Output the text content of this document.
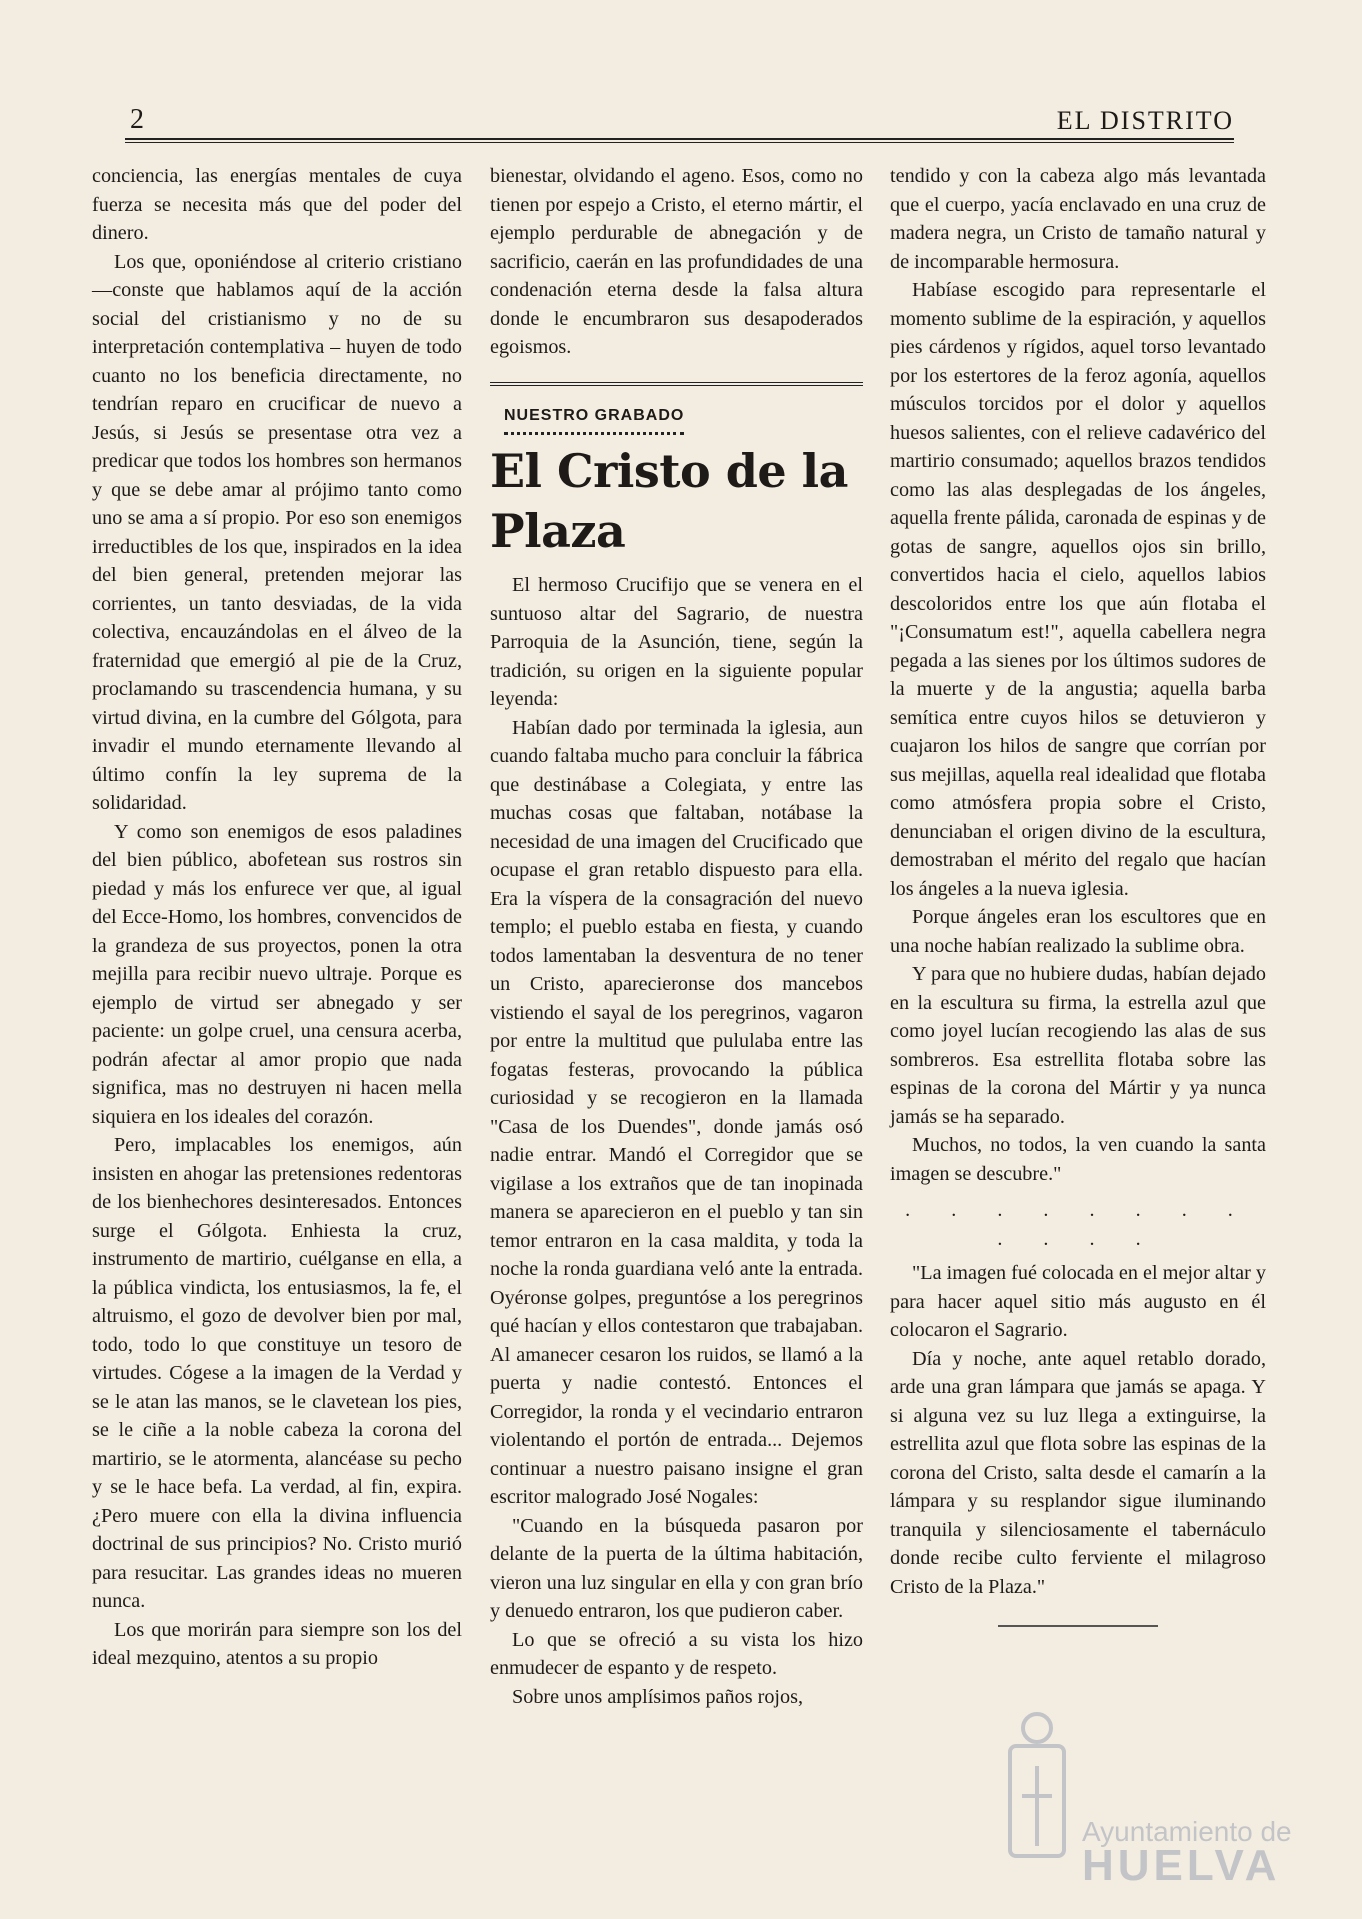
2	EL DISTRITO

conciencia, las energías mentales de cuya fuerza se necesita más que del poder del dinero.

Los que, oponiéndose al criterio cristiano—conste que hablamos aquí de la acción social del cristianismo y no de su interpretación contemplativa – huyen de todo cuanto no los beneficia directamente, no tendrían reparo en crucificar de nuevo a Jesús, si Jesús se presentase otra vez a predicar que todos los hombres son hermanos y que se debe amar al prójimo tanto como uno se ama a sí propio. Por eso son enemigos irreductibles de los que, inspirados en la idea del bien general, pretenden mejorar las corrientes, un tanto desviadas, de la vida colectiva, encauzándolas en el álveo de la fraternidad que emergió al pie de la Cruz, proclamando su trascendencia humana, y su virtud divina, en la cumbre del Gólgota, para invadir el mundo eternamente llevando al último confín la ley suprema de la solidaridad.

Y como son enemigos de esos paladines del bien público, abofetean sus rostros sin piedad y más los enfurece ver que, al igual del Ecce-Homo, los hombres, convencidos de la grandeza de sus proyectos, ponen la otra mejilla para recibir nuevo ultraje. Porque es ejemplo de virtud ser abnegado y ser paciente: un golpe cruel, una censura acerba, podrán afectar al amor propio que nada significa, mas no destruyen ni hacen mella siquiera en los ideales del corazón.

Pero, implacables los enemigos, aún insisten en ahogar las pretensiones redentoras de los bienhechores desinteresados. Entonces surge el Gólgota. Enhiesta la cruz, instrumento de martirio, cuélganse en ella, a la pública vindicta, los entusiasmos, la fe, el altruismo, el gozo de devolver bien por mal, todo, todo lo que constituye un tesoro de virtudes. Cógese a la imagen de la Verdad y se le atan las manos, se le clavetean los pies, se le ciñe a la noble cabeza la corona del martirio, se le atormenta, alancéase su pecho y se le hace befa. La verdad, al fin, expira. ¿Pero muere con ella la divina influencia doctrinal de sus principios? No. Cristo murió para resucitar. Las grandes ideas no mueren nunca.

Los que morirán para siempre son los del ideal mezquino, atentos a su propio

bienestar, olvidando el ageno. Esos, como no tienen por espejo a Cristo, el eterno mártir, el ejemplo perdurable de abnegación y de sacrificio, caerán en las profundidades de una condenación eterna desde la falsa altura donde le encumbraron sus desapoderados egoismos.

NUESTRO GRABADO
El Cristo de la Plaza

El hermoso Crucifijo que se venera en el suntuoso altar del Sagrario, de nuestra Parroquia de la Asunción, tiene, según la tradición, su origen en la siguiente popular leyenda:

Habían dado por terminada la iglesia, aun cuando faltaba mucho para concluir la fábrica que destinábase a Colegiata, y entre las muchas cosas que faltaban, notábase la necesidad de una imagen del Crucificado que ocupase el gran retablo dispuesto para ella. Era la víspera de la consagración del nuevo templo; el pueblo estaba en fiesta, y cuando todos lamentaban la desventura de no tener un Cristo, aparecieronse dos mancebos vistiendo el sayal de los peregrinos, vagaron por entre la multitud que pululaba entre las fogatas festeras, provocando la pública curiosidad y se recogieron en la llamada "Casa de los Duendes", donde jamás osó nadie entrar. Mandó el Corregidor que se vigilase a los extraños que de tan inopinada manera se aparecieron en el pueblo y tan sin temor entraron en la casa maldita, y toda la noche la ronda guardiana veló ante la entrada. Oyéronse golpes, preguntóse a los peregrinos qué hacían y ellos contestaron que trabajaban. Al amanecer cesaron los ruidos, se llamó a la puerta y nadie contestó. Entonces el Corregidor, la ronda y el vecindario entraron violentando el portón de entrada... Dejemos continuar a nuestro paisano insigne el gran escritor malogrado José Nogales:

"Cuando en la búsqueda pasaron por delante de la puerta de la última habitación, vieron una luz singular en ella y con gran brío y denuedo entraron, los que pudieron caber.

Lo que se ofreció a su vista los hizo enmudecer de espanto y de respeto.

Sobre unos amplísimos paños rojos,

tendido y con la cabeza algo más levantada que el cuerpo, yacía enclavado en una cruz de madera negra, un Cristo de tamaño natural y de incomparable hermosura.

Habíase escogido para representarle el momento sublime de la espiración, y aquellos pies cárdenos y rígidos, aquel torso levantado por los estertores de la feroz agonía, aquellos músculos torcidos por el dolor y aquellos huesos salientes, con el relieve cadavérico del martirio consumado; aquellos brazos tendidos como las alas desplegadas de los ángeles, aquella frente pálida, caronada de espinas y de gotas de sangre, aquellos ojos sin brillo, convertidos hacia el cielo, aquellos labios descoloridos entre los que aún flotaba el "¡Consumatum est!", aquella cabellera negra pegada a las sienes por los últimos sudores de la muerte y de la angustia; aquella barba semítica entre cuyos hilos se detuvieron y cuajaron los hilos de sangre que corrían por sus mejillas, aquella real idealidad que flotaba como atmósfera propia sobre el Cristo, denunciaban el origen divino de la escultura, demostraban el mérito del regalo que hacían los ángeles a la nueva iglesia.

Porque ángeles eran los escultores que en una noche habían realizado la sublime obra.

Y para que no hubiere dudas, habían dejado en la escultura su firma, la estrella azul que como joyel lucían recogiendo las alas de sus sombreros. Esa estrellita flotaba sobre las espinas de la corona del Mártir y ya nunca jamás se ha separado.

Muchos, no todos, la ven cuando la santa imagen se descubre."

. . . . . . . . . . . .

"La imagen fué colocada en el mejor altar y para hacer aquel sitio más augusto en él colocaron el Sagrario.

Día y noche, ante aquel retablo dorado, arde una gran lámpara que jamás se apaga. Y si alguna vez su luz llega a extinguirse, la estrellita azul que flota sobre las espinas de la corona del Cristo, salta desde el camarín a la lámpara y su resplandor sigue iluminando tranquila y silenciosamente el tabernáculo donde recibe culto ferviente el milagroso Cristo de la Plaza."

Ayuntamiento de
HUELVA
